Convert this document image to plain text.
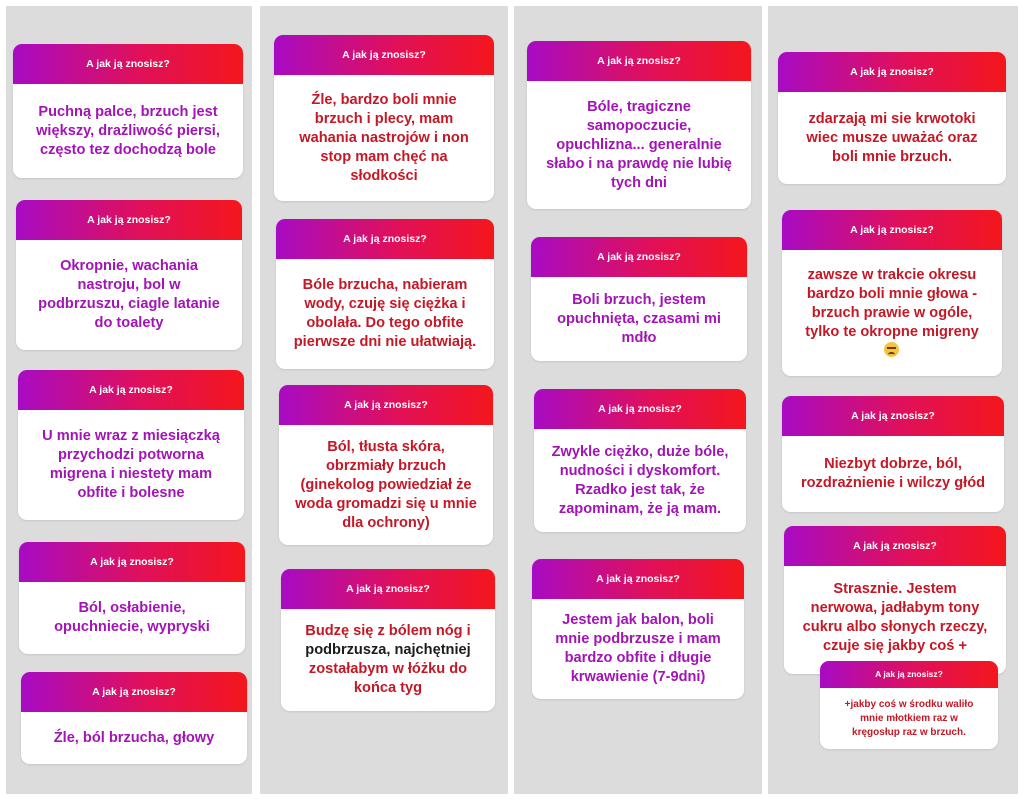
A jak ją znosisz?
Puchną palce, brzuch jest
większy, drażliwość piersi,
często tez dochodzą bole
A jak ją znosisz?
Okropnie, wachania
nastroju, bol w
podbrzuszu, ciagle latanie
do toalety
A jak ją znosisz?
U mnie wraz z miesiączką
przychodzi potworna
migrena i niestety mam
obfite i bolesne
A jak ją znosisz?
Ból, osłabienie,
opuchniecie, wypryski
A jak ją znosisz?
Źle, ból brzucha, głowy
A jak ją znosisz?
Źle, bardzo boli mnie
brzuch i plecy, mam
wahania nastrojów i non
stop mam chęć na
słodkości
A jak ją znosisz?
Bóle brzucha, nabieram
wody, czuję się ciężka i
obolała. Do tego obfite
pierwsze dni nie ułatwiają.
A jak ją znosisz?
Ból, tłusta skóra,
obrzmiały brzuch
(ginekolog powiedział że
woda gromadzi się u mnie
dla ochrony)
A jak ją znosisz?
Budzę się z bólem nóg i
podbrzusza, najchętniej
zostałabym w łóżku do
końca tyg
A jak ją znosisz?
Bóle, tragiczne
samopoczucie,
opuchlizna... generalnie
słabo i na prawdę nie lubię
tych dni
A jak ją znosisz?
Boli brzuch, jestem
opuchnięta, czasami mi
mdło
A jak ją znosisz?
Zwykle ciężko, duże bóle,
nudności i dyskomfort.
Rzadko jest tak, że
zapominam, że ją mam.
A jak ją znosisz?
Jestem jak balon, boli
mnie podbrzusze i mam
bardzo obfite i długie
krwawienie (7-9dni)
A jak ją znosisz?
zdarzają mi sie krwotoki
wiec musze uważać oraz
boli mnie brzuch.
A jak ją znosisz?
zawsze w trakcie okresu
bardzo boli mnie głowa -
brzuch prawie w ogóle,
tylko te okropne migreny
A jak ją znosisz?
Niezbyt dobrze, ból,
rozdrażnienie i wilczy głód
A jak ją znosisz?
Strasznie. Jestem
nerwowa, jadłabym tony
cukru albo słonych rzeczy,
czuje się jakby coś +
A jak ją znosisz?
+jakby coś w środku waliło
mnie młotkiem raz w
kręgosłup raz w brzuch.
